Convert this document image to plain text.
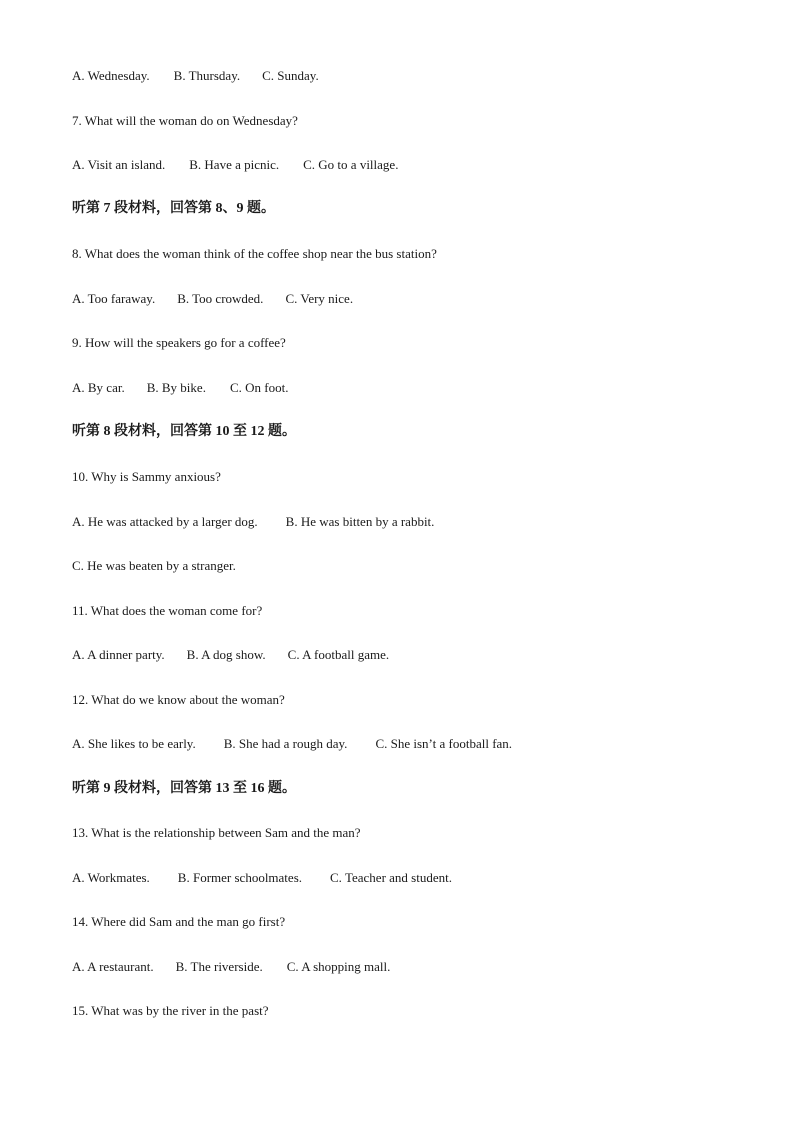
A. Wednesday. B. Thursday. C. Sunday.
7. What will the woman do on Wednesday?
A. Visit an island. B. Have a picnic. C. Go to a village.
听第 7 段材料，回答第 8、9 题。
8. What does the woman think of the coffee shop near the bus station?
A. Too faraway. B. Too crowded. C. Very nice.
9. How will the speakers go for a coffee?
A. By car. B. By bike. C. On foot.
听第 8 段材料，回答第 10 至 12 题。
10. Why is Sammy anxious?
A. He was attacked by a larger dog. B. He was bitten by a rabbit.
C. He was beaten by a stranger.
11. What does the woman come for?
A. A dinner party. B. A dog show. C. A football game.
12. What do we know about the woman?
A. She likes to be early. B. She had a rough day. C. She isn’t a football fan.
听第 9 段材料，回答第 13 至 16 题。
13. What is the relationship between Sam and the man?
A. Workmates. B. Former schoolmates. C. Teacher and student.
14. Where did Sam and the man go first?
A. A restaurant. B. The riverside. C. A shopping mall.
15. What was by the river in the past?
